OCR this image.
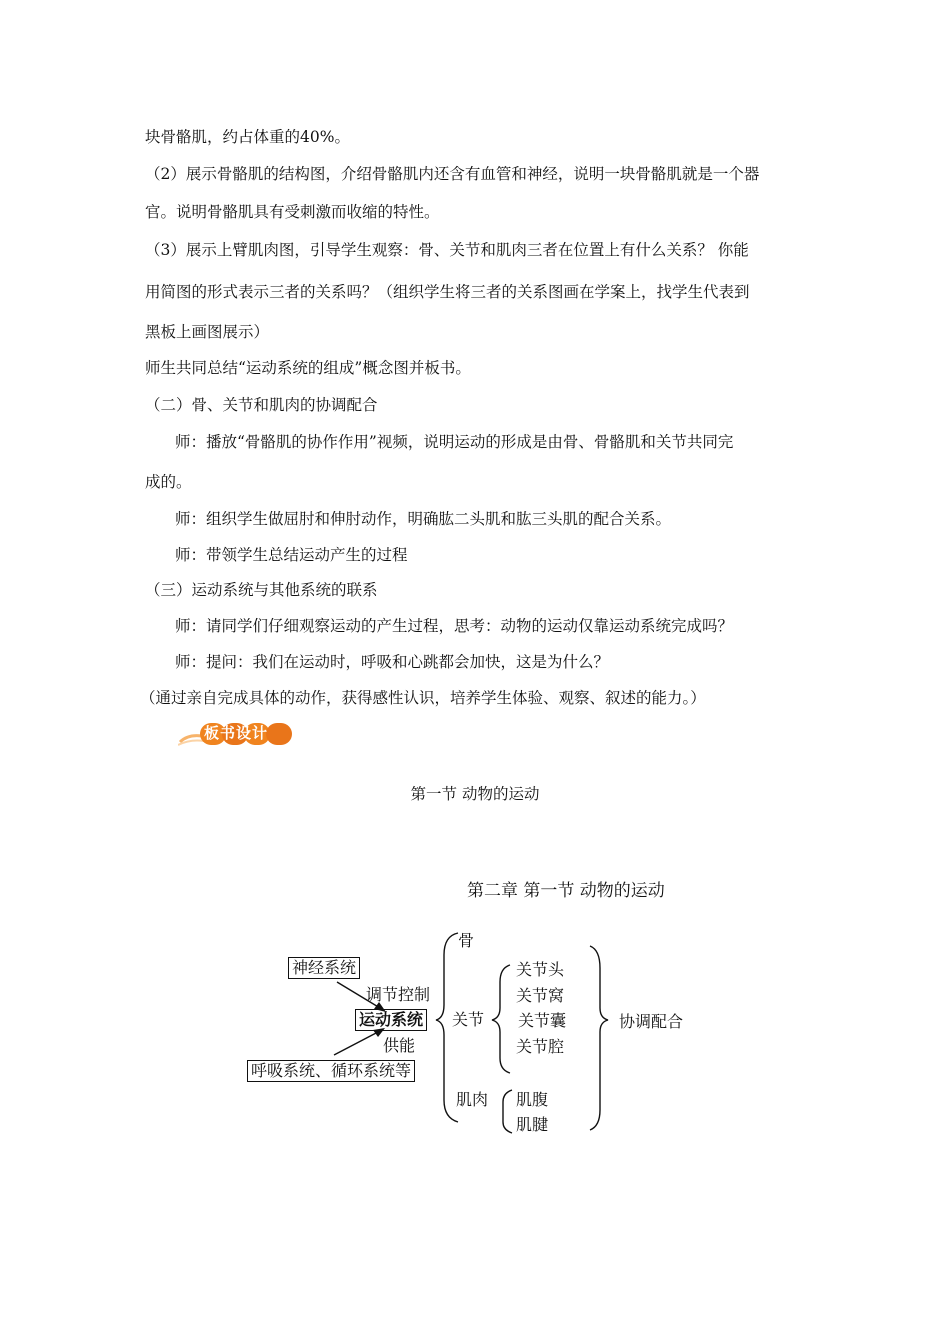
块骨骼肌，约占体重的40%。
（2）展示骨骼肌的结构图，介绍骨骼肌内还含有血管和神经，说明一块骨骼肌就是一个器
官。说明骨骼肌具有受刺激而收缩的特性。
（3）展示上臂肌肉图，引导学生观察：骨、关节和肌肉三者在位置上有什么关系？ 你能
用简图的形式表示三者的关系吗？（组织学生将三者的关系图画在学案上，找学生代表到
黑板上画图展示）
师生共同总结“运动系统的组成”概念图并板书。
（二）骨、关节和肌肉的协调配合
师：播放“骨骼肌的协作作用”视频，说明运动的形成是由骨、骨骼肌和关节共同完
成的。
师：组织学生做屈肘和伸肘动作，明确肱二头肌和肱三头肌的配合关系。
师：带领学生总结运动产生的过程
（三）运动系统与其他系统的联系
师：请同学们仔细观察运动的产生过程，思考：动物的运动仅靠运动系统完成吗？
师：提问：我们在运动时，呼吸和心跳都会加快，这是为什么？
（通过亲自完成具体的动作，获得感性认识，培养学生体验、观察、叙述的能力。）
板书设计
第一节 动物的运动
第二章 第一节 动物的运动
神经系统
调节控制
运动系统
供能
呼吸系统、循环系统等
骨
关节
关节头
关节窝
关节囊
关节腔
肌肉 肌腹
肌腱
协调配合
